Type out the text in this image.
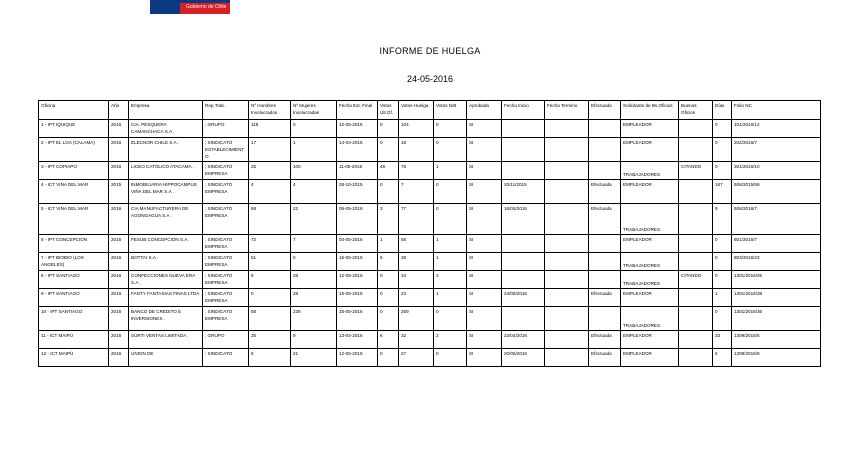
Gobierno de Chile
INFORME DE HUELGA
24-05-2016
Oficina	Año	Empresa	Rep.Trab.	Nº Hombres Involucrados	Nº Mujeres Involucradas	Fecha Ext. Final	Votos Ult.Of.	Votos Huelga	Votos N/B	Aprobada	Fecha Inicio	Fecha Termino	Efectuada	Solicitante de Bs.Oficios	Buenos Oficios	Días	Folio NC
1 - IPT IQUIQUE	2016	CIA. PESQUERA CAMANCHACA S.A .	; GRUPO	118	0	12-05-2016	0	104	0	SI				EMPLEADOR		0	101/2016/12
2 - IPT EL LOA (CALAMA)	2016	ELECNOR CHILE S.A .	; SINDICATO ESTABLECIMIENTO	17	1	14-04-2016	0	18	0	SI				EMPLEADOR		0	202/2016/7
3 - IPT COPIAPO	2016	LICEO CATOLICO ATACAMA .	; SINDICATO EMPRESA	25	100	11-05-2016	49	75	1	SI				TRABAJADORES	CITANDO	0	301/2016/10
4 - ICT VIÑA DEL MAR	2015	INMOBILIARIA HIPPOCAMPUS VIÑA DEL MAR S.A .	; SINDICATO EMPRESA	4	4	28-10-2015	0	7	0	SI	20/11/2015		Efectuada	EMPLEADOR		187	508/2015/59
5 - ICT VIÑA DEL MAR	2016	CIA MANUFACTURERA DE AGONGAGUA S.A .	; SINDICATO EMPRESA	68	22	05-05-2016	3	77	0	SI	16/05/2016		Efectuada	TRABAJADORES		9	508/2016/7
6 - IPT CONCEPCION	2016	FESUB CONCEPCION S.A .	; SINDICATO EMPRESA	72	7	04-05-2016	1	56	1	SI				EMPLEADOR		0	801/2016/7
7 - IPT BIOBIO (LOS ANGELES)	2016	BOTTAI S.A .	; SINDICATO EMPRESA	51	0	15-05-2016	6	38	1	SI				TRABAJADORES		0	803/2016/23
8 - IPT SANTIAGO	2016	CONFECCIONES NUEVA ERA S.A .	; SINDICATO EMPRESA	8	28	12-05-2016	0	34	2	SI				TRABAJADORES	CITANDO	0	1301/2016/35
9 - IPT SANTIAGO	2016	FANTY FANTASIAS FINAS LTDA .	; SINDICATO EMPRESA	0	28	15-05-2016	0	23	1	SI	24/05/2016		Efectuada	EMPLEADOR		1	1301/2016/38
10 - IPT SANTIAGO	2016	BANCO DE CREDITO E INVERSIONES .	; SINDICATO EMPRESA	58	238	15-05-2016	0	259	0	SI				TRABAJADORES		0	1301/2016/36
11 - ICT MAIPÚ	2016	SURTI VENTAS LIMITADA .	; GRUPO	25	9	13-04-2016	6	32	2	SI	22/04/2016		Efectuada	EMPLEADOR		33	1309/2016/5
12 - ICT MAIPÚ	2016	UNION DE	; SINDICATO	8	21	12-05-2016	0	27	0	SI	20/05/2016		Efectuada	EMPLEADOR		5	1309/2016/9
